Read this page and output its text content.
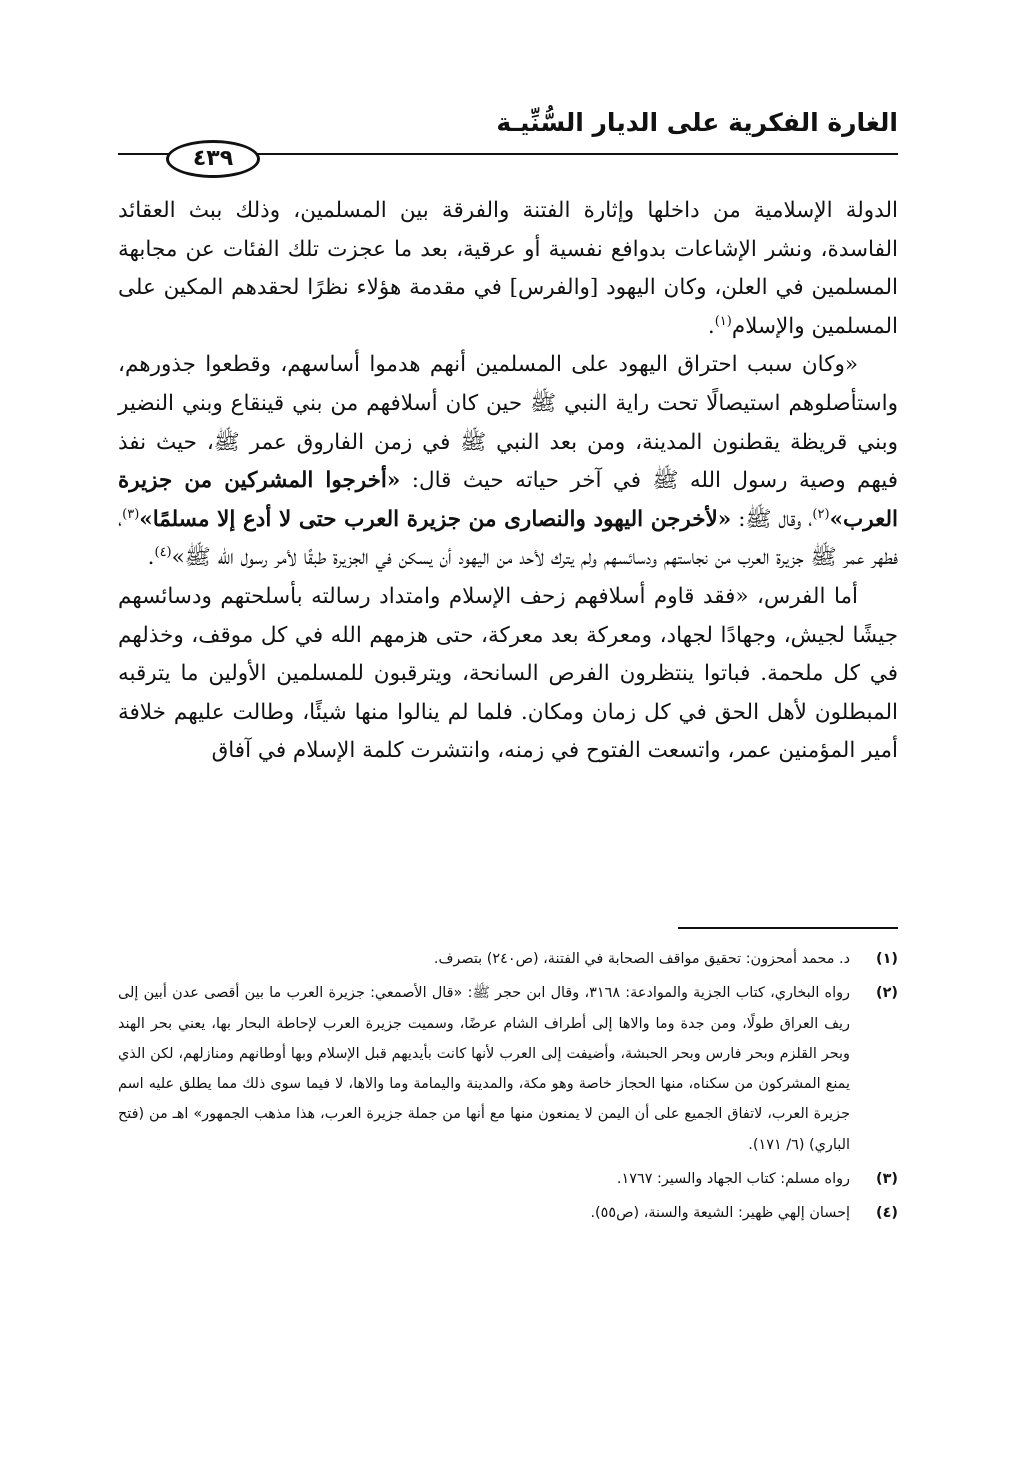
الغارة الفكرية على الديار السُّنِّيـة
٤٣٩

الدولة الإسلامية من داخلها وإثارة الفتنة والفرقة بين المسلمين، وذلك ببث العقائد الفاسدة، ونشر الإشاعات بدوافع نفسية أو عرقية، بعد ما عجزت تلك الفئات عن مجابهة المسلمين في العلن، وكان اليهود [والفرس] في مقدمة هؤلاء نظرًا لحقدهم المكين على المسلمين والإسلام$^{(١)}$.

«وكان سبب احتراق اليهود على المسلمين أنهم هدموا أساسهم، وقطعوا جذورهم، واستأصلوهم استيصالًا تحت راية النبي ﷺ حين كان أسلافهم من بني قينقاع وبني النضير وبني قريظة يقطنون المدينة، ومن بعد النبي ﷺ في زمن الفاروق عمر ﷺ، حيث نفذ فيهم وصية رسول الله ﷺ في آخر حياته حيث قال: «أخرجوا المشركين من جزيرة العرب»$^{(٢)}$، وقال ﷺ: «لأخرجن اليهود والنصارى من جزيرة العرب حتى لا أدع إلا مسلمًا»$^{(٣)}$، فطهر عمر ﷺ جزيرة العرب من نجاستهم ودسائسهم ولم يترك لأحد من اليهود أن يسكن في الجزيرة طبقًا لأمر رسول الله ﷺ»$^{(٤)}$.

أما الفرس، «فقد قاوم أسلافهم زحف الإسلام وامتداد رسالته بأسلحتهم ودسائسهم جيشًا لجيش، وجهادًا لجهاد، ومعركة بعد معركة، حتى هزمهم الله في كل موقف، وخذلهم في كل ملحمة. فباتوا ينتظرون الفرص السانحة، ويترقبون للمسلمين الأولين ما يترقبه المبطلون لأهل الحق في كل زمان ومكان. فلما لم ينالوا منها شيئًا، وطالت عليهم خلافة أمير المؤمنين عمر، واتسعت الفتوح في زمنه، وانتشرت كلمة الإسلام في آفاق

(١)
د. محمد أمحزون: تحقيق مواقف الصحابة في الفتنة، (ص٢٤٠) بتصرف.
(٢)
رواه البخاري، كتاب الجزية والموادعة: ٣١٦٨، وقال ابن حجر ﷺ: «قال الأصمعي: جزيرة العرب ما بين أقصى عدن أبين إلى ريف العراق طولًا، ومن جدة وما والاها إلى أطراف الشام عرضًا، وسميت جزيرة العرب لإحاطة البحار بها، يعني بحر الهند وبحر القلزم وبحر فارس وبحر الحبشة، وأضيفت إلى العرب لأنها كانت بأيديهم قبل الإسلام وبها أوطانهم ومنازلهم، لكن الذي يمنع المشركون من سكناه، منها الحجاز خاصة وهو مكة، والمدينة واليمامة وما والاها، لا فيما سوى ذلك مما يطلق عليه اسم جزيرة العرب، لاتفاق الجميع على أن اليمن لا يمنعون منها مع أنها من جملة جزيرة العرب، هذا مذهب الجمهور» اهـ من (فتح الباري) (٦/ ١٧١).
(٣)
رواه مسلم: كتاب الجهاد والسير: ١٧٦٧.
(٤)
إحسان إلهي ظهير: الشيعة والسنة، (ص٥٥).
